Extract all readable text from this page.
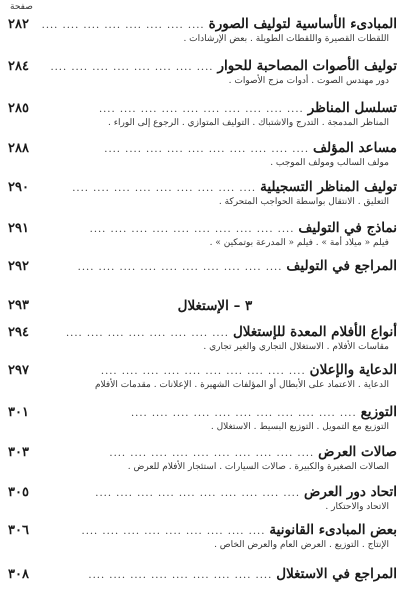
صفحة
المبادىء الأساسية لتوليف الصورة
.... .... .... .... .... .... .... ....
٢٨٢
اللقطات القصيرة واللقطات الطويلة . بعض الإرشادات .
توليف الأصوات المصاحبة للحوار
.... .... .... .... .... .... .... ....
٢٨٤
دور مهندس الصوت . أدوات مزج الأصوات .
تسلسل المناظر
.... .... .... .... .... .... .... .... .... ....
٢٨٥
المناظر المدمجة . التدرج والاشتباك . التوليف المتوازي . الرجوع إلى الوراء .
مساعد المؤلف
.... .... .... .... .... .... .... .... .... ....
٢٨٨
مولف السالب ومولف الموجب .
توليف المناظر التسجيلية
.... .... .... .... .... .... .... .... ....
٢٩٠
التعليق . الانتقال بواسطة الحواجب المتحركة .
نماذج في التوليف
.... .... .... .... .... .... .... .... .... ....
٢٩١
فيلم « ميلاد أمة » . فيلم « المدرعة بوتمكين » .
المراجع في التوليف
.... .... .... .... .... .... .... .... .... ....
٢٩٢
٣ – الإستغلال
٢٩٣
أنواع الأفلام المعدة للإستغلال
.... .... .... .... .... .... .... ....
٢٩٤
مقاسات الأفلام . الاستغلال التجاري والغير تجاري .
الدعاية والإعلان
.... .... .... .... .... .... .... .... .... ....
٢٩٧
الدعاية . الاعتماد على الأبطال أو المؤلفات الشهيرة . الإعلانات . مقدمات الأفلام
التوزيع
.... .... .... .... .... .... .... .... .... .... ....
٣٠١
التوزيع مع التمويل . التوزيع البسيط . الاستغلال .
صالات العرض
.... .... .... .... .... .... .... .... .... ....
٣٠٣
الصالات الصغيرة والكبيرة . صالات السيارات . استئجار الأفلام للعرض .
اتحاد دور العرض
.... .... .... .... .... .... .... .... .... ....
٣٠٥
الاتحاد والاحتكار .
بعض المبادىء القانونية
.... .... .... .... .... .... .... .... ....
٣٠٦
الإنتاج . التوزيع . العرض العام والعرض الخاص .
المراجع في الاستغلال
.... .... .... .... .... .... .... .... ....
٣٠٨
